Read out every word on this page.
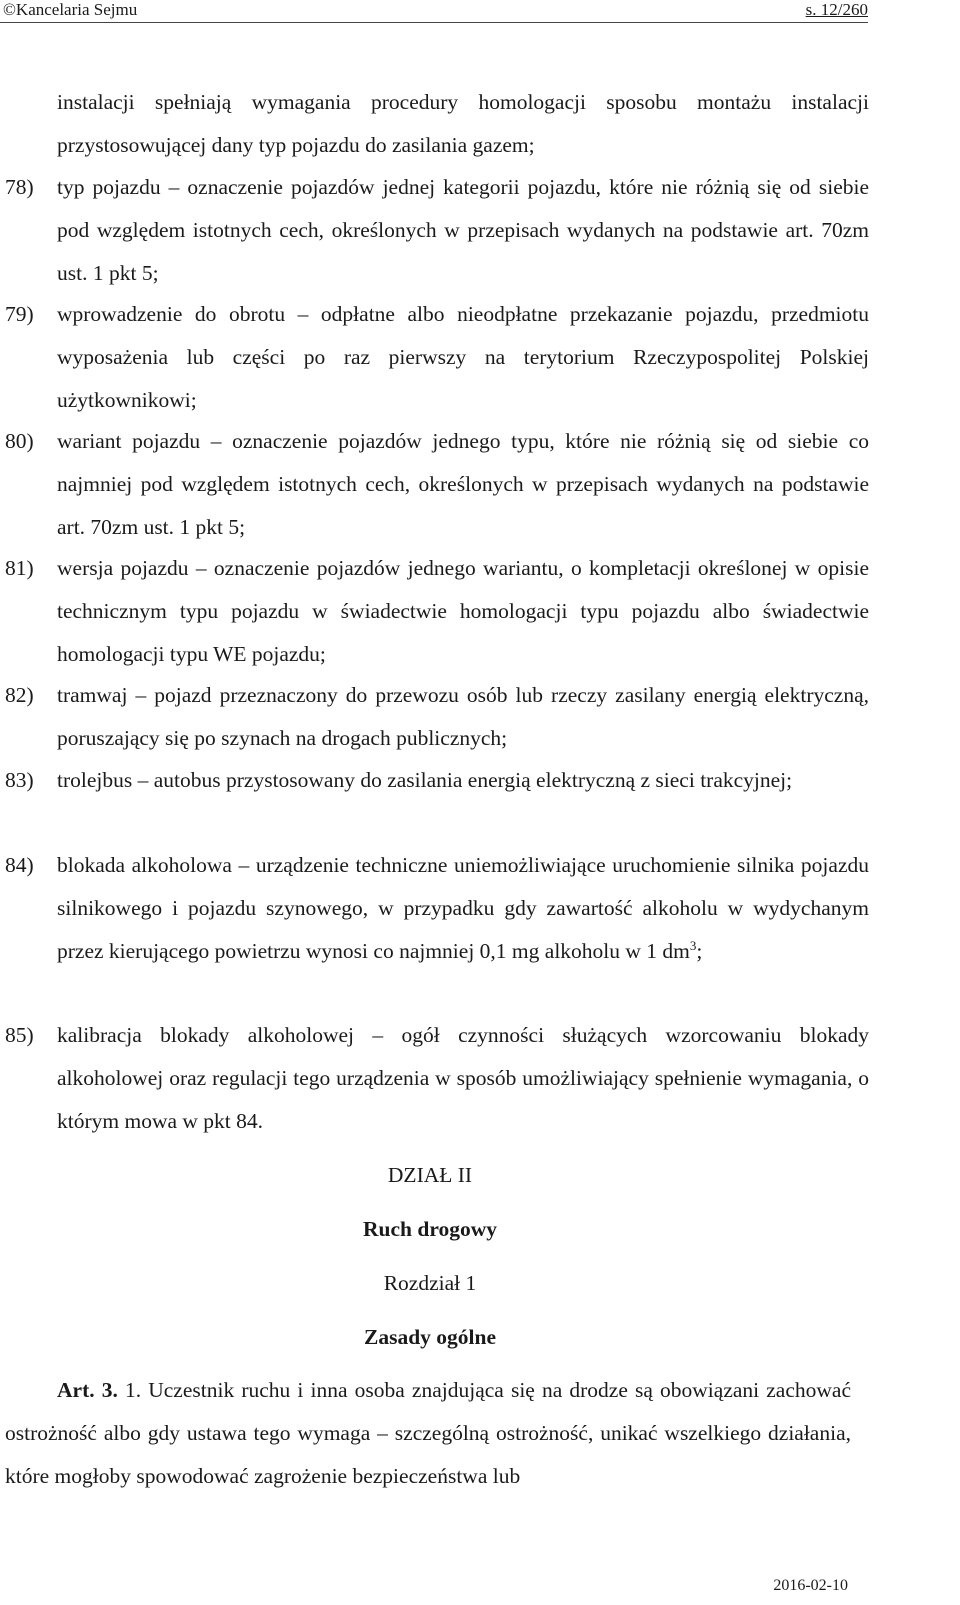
©Kancelaria Sejmu	s. 12/260
instalacji spełniają wymagania procedury homologacji sposobu montażu instalacji przystosowującej dany typ pojazdu do zasilania gazem;
78) typ pojazdu – oznaczenie pojazdów jednej kategorii pojazdu, które nie różnią się od siebie pod względem istotnych cech, określonych w przepisach wydanych na podstawie art. 70zm ust. 1 pkt 5;
79) wprowadzenie do obrotu – odpłatne albo nieodpłatne przekazanie pojazdu, przedmiotu wyposażenia lub części po raz pierwszy na terytorium Rzeczypospolitej Polskiej użytkownikowi;
80) wariant pojazdu – oznaczenie pojazdów jednego typu, które nie różnią się od siebie co najmniej pod względem istotnych cech, określonych w przepisach wydanych na podstawie art. 70zm ust. 1 pkt 5;
81) wersja pojazdu – oznaczenie pojazdów jednego wariantu, o kompletacji określonej w opisie technicznym typu pojazdu w świadectwie homologacji typu pojazdu albo świadectwie homologacji typu WE pojazdu;
82) tramwaj – pojazd przeznaczony do przewozu osób lub rzeczy zasilany energią elektryczną, poruszający się po szynach na drogach publicznych;
83) trolejbus – autobus przystosowany do zasilania energią elektryczną z sieci trakcyjnej;
84) blokada alkoholowa – urządzenie techniczne uniemożliwiające uruchomienie silnika pojazdu silnikowego i pojazdu szynowego, w przypadku gdy zawartość alkoholu w wydychanym przez kierującego powietrzu wynosi co najmniej 0,1 mg alkoholu w 1 $dm^3$;
85) kalibracja blokady alkoholowej – ogół czynności służących wzorcowaniu blokady alkoholowej oraz regulacji tego urządzenia w sposób umożliwiający spełnienie wymagania, o którym mowa w pkt 84.
DZIAŁ II
Ruch drogowy
Rozdział 1
Zasady ogólne
Art. 3. 1. Uczestnik ruchu i inna osoba znajdująca się na drodze są obowiązani zachować ostrożność albo gdy ustawa tego wymaga – szczególną ostrożność, unikać wszelkiego działania, które mogłoby spowodować zagrożenie bezpieczeństwa lub
2016-02-10
